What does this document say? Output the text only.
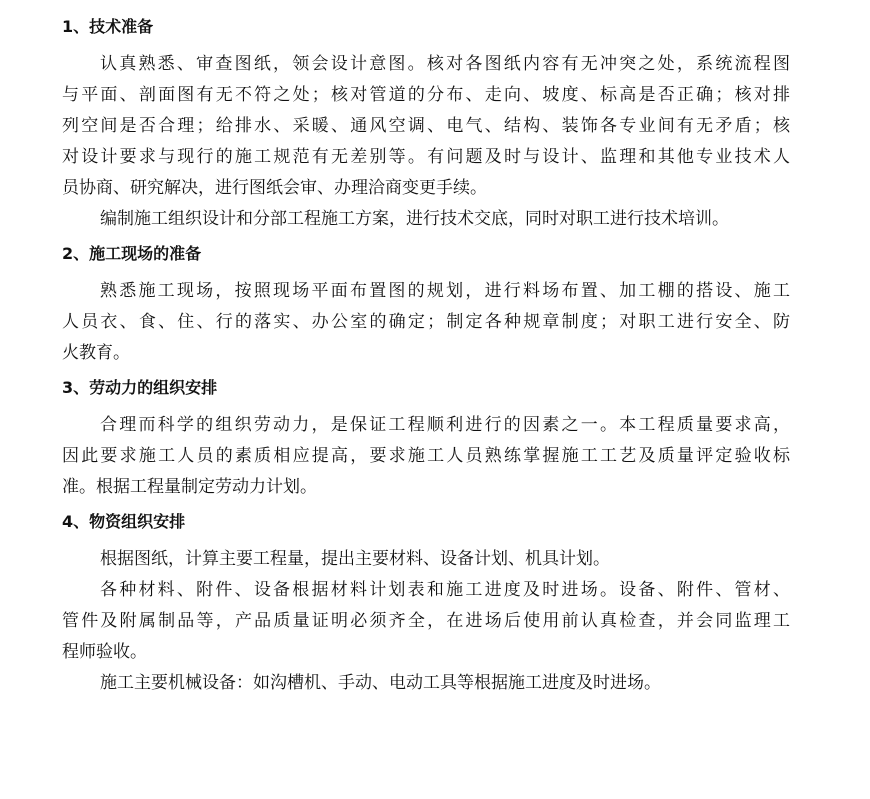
1、技术准备
认真熟悉、审查图纸，领会设计意图。核对各图纸内容有无冲突之处，系统流程图
与平面、剖面图有无不符之处；核对管道的分布、走向、坡度、标高是否正确；核对排
列空间是否合理；给排水、采暖、通风空调、电气、结构、装饰各专业间有无矛盾；核
对设计要求与现行的施工规范有无差别等。有问题及时与设计、监理和其他专业技术人
员协商、研究解决，进行图纸会审、办理洽商变更手续。
编制施工组织设计和分部工程施工方案，进行技术交底，同时对职工进行技术培训。
2、施工现场的准备
熟悉施工现场，按照现场平面布置图的规划，进行料场布置、加工棚的搭设、施工
人员衣、食、住、行的落实、办公室的确定；制定各种规章制度；对职工进行安全、防
火教育。
3、劳动力的组织安排
合理而科学的组织劳动力，是保证工程顺利进行的因素之一。本工程质量要求高，
因此要求施工人员的素质相应提高，要求施工人员熟练掌握施工工艺及质量评定验收标
准。根据工程量制定劳动力计划。
4、物资组织安排
根据图纸，计算主要工程量，提出主要材料、设备计划、机具计划。
各种材料、附件、设备根据材料计划表和施工进度及时进场。设备、附件、管材、
管件及附属制品等，产品质量证明必须齐全，在进场后使用前认真检查，并会同监理工
程师验收。
施工主要机械设备：如沟槽机、手动、电动工具等根据施工进度及时进场。
